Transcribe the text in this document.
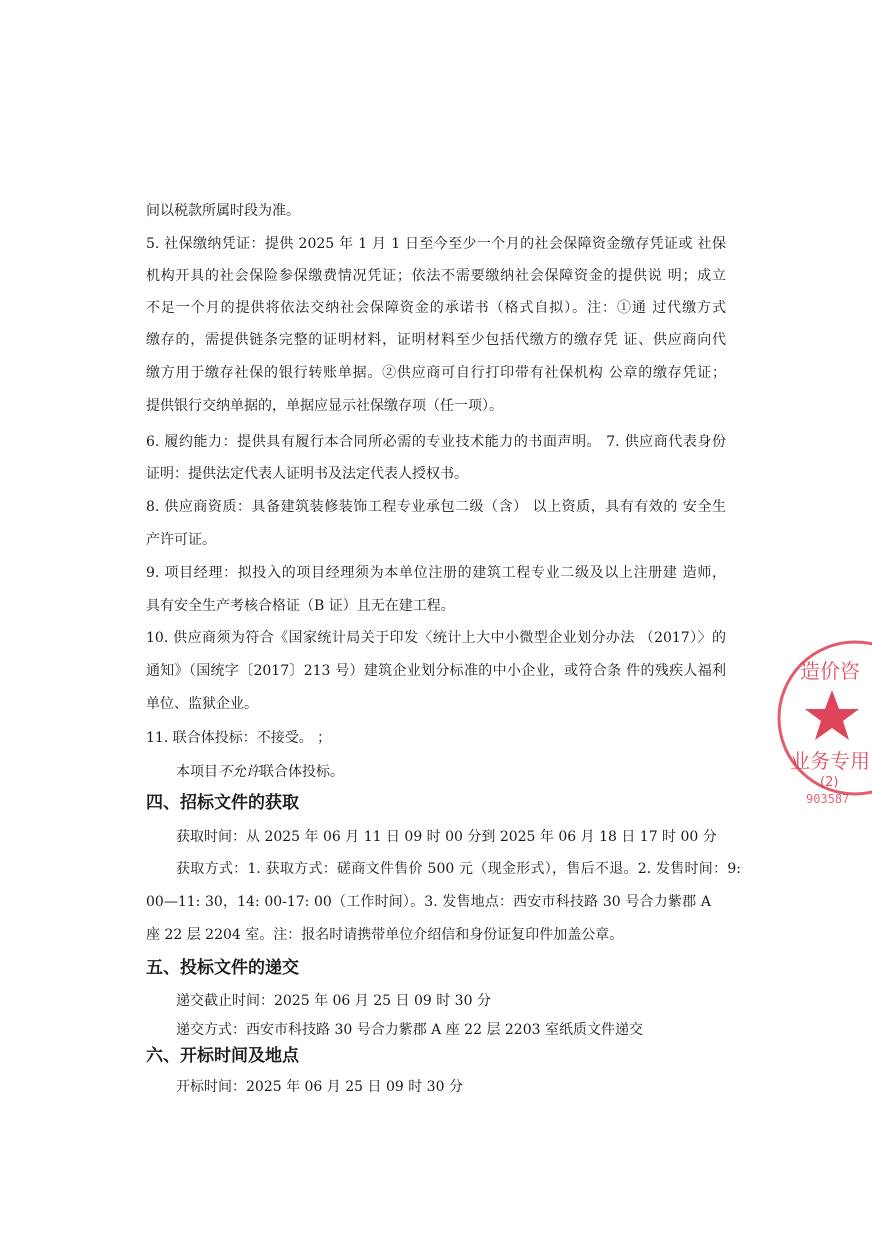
间以税款所属时段为准。
5. 社保缴纳凭证：提供 2025 年 1 月 1 日至今至少一个月的社会保障资金缴存凭证或 社保
机构开具的社会保险参保缴费情况凭证；依法不需要缴纳社会保障资金的提供说 明；成立
不足一个月的提供将依法交纳社会保障资金的承诺书（格式自拟）。注：①通 过代缴方式
缴存的，需提供链条完整的证明材料，证明材料至少包括代缴方的缴存凭 证、供应商向代
缴方用于缴存社保的银行转账单据。②供应商可自行打印带有社保机构 公章的缴存凭证；
提供银行交纳单据的，单据应显示社保缴存项（任一项）。
6. 履约能力：提供具有履行本合同所必需的专业技术能力的书面声明。 7. 供应商代表身份
证明：提供法定代表人证明书及法定代表人授权书。
8. 供应商资质：具备建筑装修装饰工程专业承包二级（含） 以上资质，具有有效的 安全生
产许可证。
9. 项目经理：拟投入的项目经理须为本单位注册的建筑工程专业二级及以上注册建 造师，
具有安全生产考核合格证（B 证）且无在建工程。
10. 供应商须为符合《国家统计局关于印发〈统计上大中小微型企业划分办法 （2017）〉的
通知》（国统字〔2017〕213 号）建筑企业划分标准的中小企业，或符合条 件的残疾人福利
单位、监狱企业。
11. 联合体投标：不接受。 ；
本项目不允许联合体投标。
四、招标文件的获取
获取时间：从 2025 年 06 月 11 日 09 时 00 分到 2025 年 06 月 18 日 17 时 00 分
获取方式：1. 获取方式：磋商文件售价 500 元（现金形式），售后不退。2. 发售时间：9:
00—11: 30，14: 00-17: 00（工作时间）。3. 发售地点：西安市科技路 30 号合力紫郡 A
座 22 层 2204 室。注：报名时请携带单位介绍信和身份证复印件加盖公章。
五、投标文件的递交
递交截止时间：2025 年 06 月 25 日 09 时 30 分
递交方式：西安市科技路 30 号合力紫郡 A 座 22 层 2203 室纸质文件递交
六、开标时间及地点
开标时间：2025 年 06 月 25 日 09 时 30 分
造价咨
业务专用
(2)
903587
